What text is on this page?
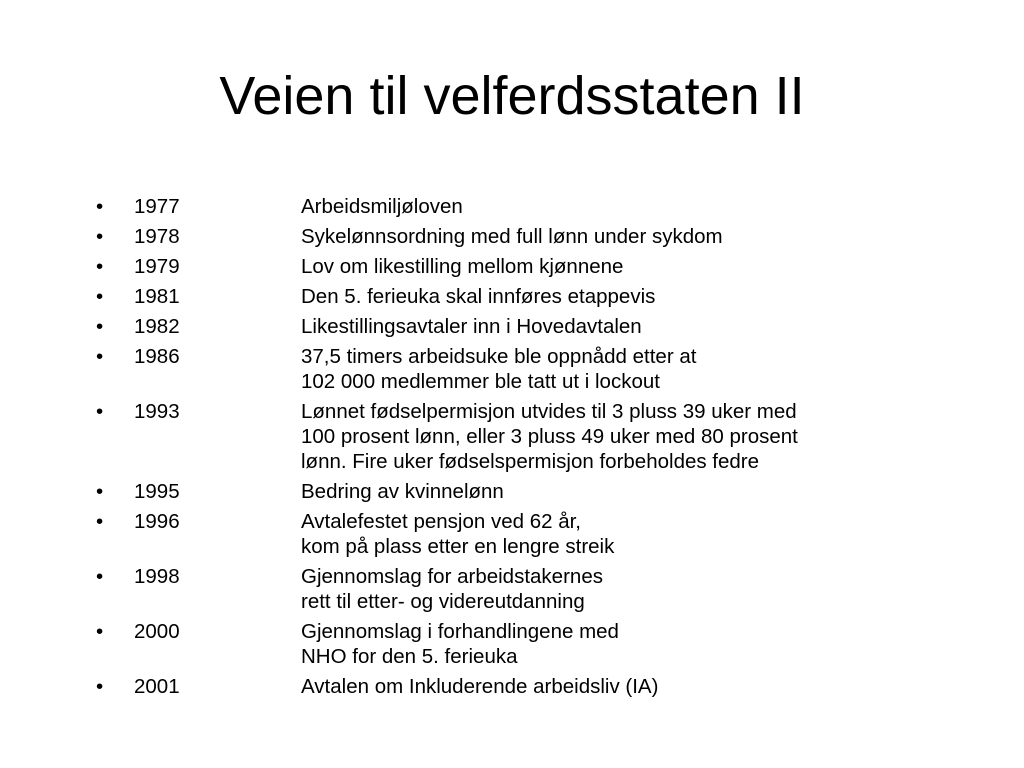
Veien til velferdsstaten II
•	1977	Arbeidsmiljøloven
•	1978	Sykelønnsordning med full lønn under sykdom
•	1979	Lov om likestilling mellom kjønnene
•	1981	Den 5. ferieuka skal innføres etappevis
•	1982	Likestillingsavtaler inn i Hovedavtalen
•	1986	37,5 timers arbeidsuke ble oppnådd etter at
102 000 medlemmer ble tatt ut i lockout
•	1993	Lønnet fødselpermisjon utvides til 3 pluss 39 uker med
100 prosent lønn, eller 3 pluss 49 uker med 80 prosent
lønn. Fire uker fødselspermisjon forbeholdes fedre
•	1995	Bedring av kvinnelønn
•	1996	Avtalefestet pensjon ved 62 år,
kom på plass etter en lengre streik
•	1998	Gjennomslag for arbeidstakernes
rett til etter- og videreutdanning
•	2000	Gjennomslag i forhandlingene med
NHO for den 5. ferieuka
•	2001	Avtalen om Inkluderende arbeidsliv (IA)
